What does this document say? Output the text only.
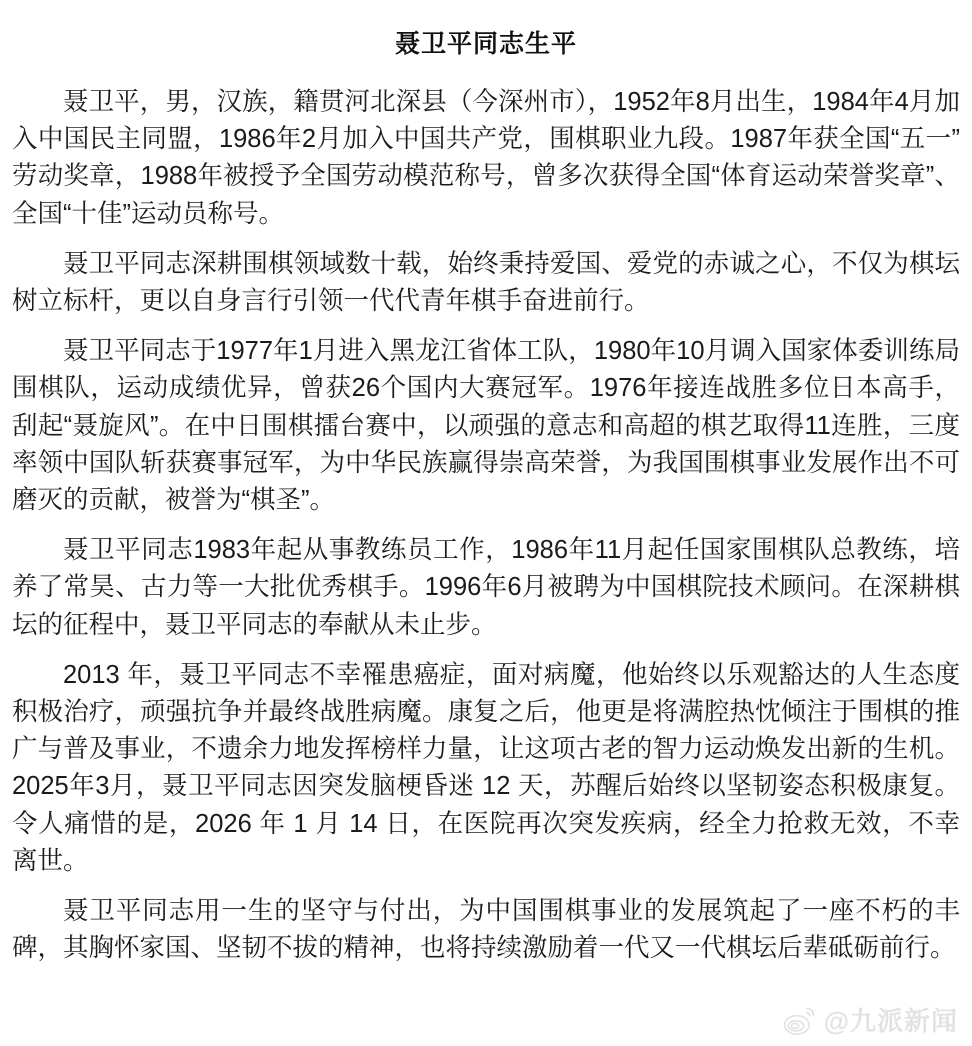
聂卫平同志生平

聂卫平，男，汉族，籍贯河北深县（今深州市），1952年8月出生，1984年4月加入中国民主同盟，1986年2月加入中国共产党，围棋职业九段。1987年获全国“五一”劳动奖章，1988年被授予全国劳动模范称号，曾多次获得全国“体育运动荣誉奖章”、全国“十佳”运动员称号。

聂卫平同志深耕围棋领域数十载，始终秉持爱国、爱党的赤诚之心，不仅为棋坛树立标杆，更以自身言行引领一代代青年棋手奋进前行。

聂卫平同志于1977年1月进入黑龙江省体工队，1980年10月调入国家体委训练局围棋队，运动成绩优异，曾获26个国内大赛冠军。1976年接连战胜多位日本高手，刮起“聂旋风”。在中日围棋擂台赛中，以顽强的意志和高超的棋艺取得11连胜，三度率领中国队斩获赛事冠军，为中华民族赢得崇高荣誉，为我国围棋事业发展作出不可磨灭的贡献，被誉为“棋圣”。

聂卫平同志1983年起从事教练员工作，1986年11月起任国家围棋队总教练，培养了常昊、古力等一大批优秀棋手。1996年6月被聘为中国棋院技术顾问。在深耕棋坛的征程中，聂卫平同志的奉献从未止步。

2013 年，聂卫平同志不幸罹患癌症，面对病魔，他始终以乐观豁达的人生态度积极治疗，顽强抗争并最终战胜病魔。康复之后，他更是将满腔热忱倾注于围棋的推广与普及事业，不遗余力地发挥榜样力量，让这项古老的智力运动焕发出新的生机。2025年3月，聂卫平同志因突发脑梗昏迷 12 天，苏醒后始终以坚韧姿态积极康复。令人痛惜的是，2026 年 1 月 14 日，在医院再次突发疾病，经全力抢救无效，不幸离世。

聂卫平同志用一生的坚守与付出，为中国围棋事业的发展筑起了一座不朽的丰碑，其胸怀家国、坚韧不拔的精神，也将持续激励着一代又一代棋坛后辈砥砺前行。

@九派新闻
